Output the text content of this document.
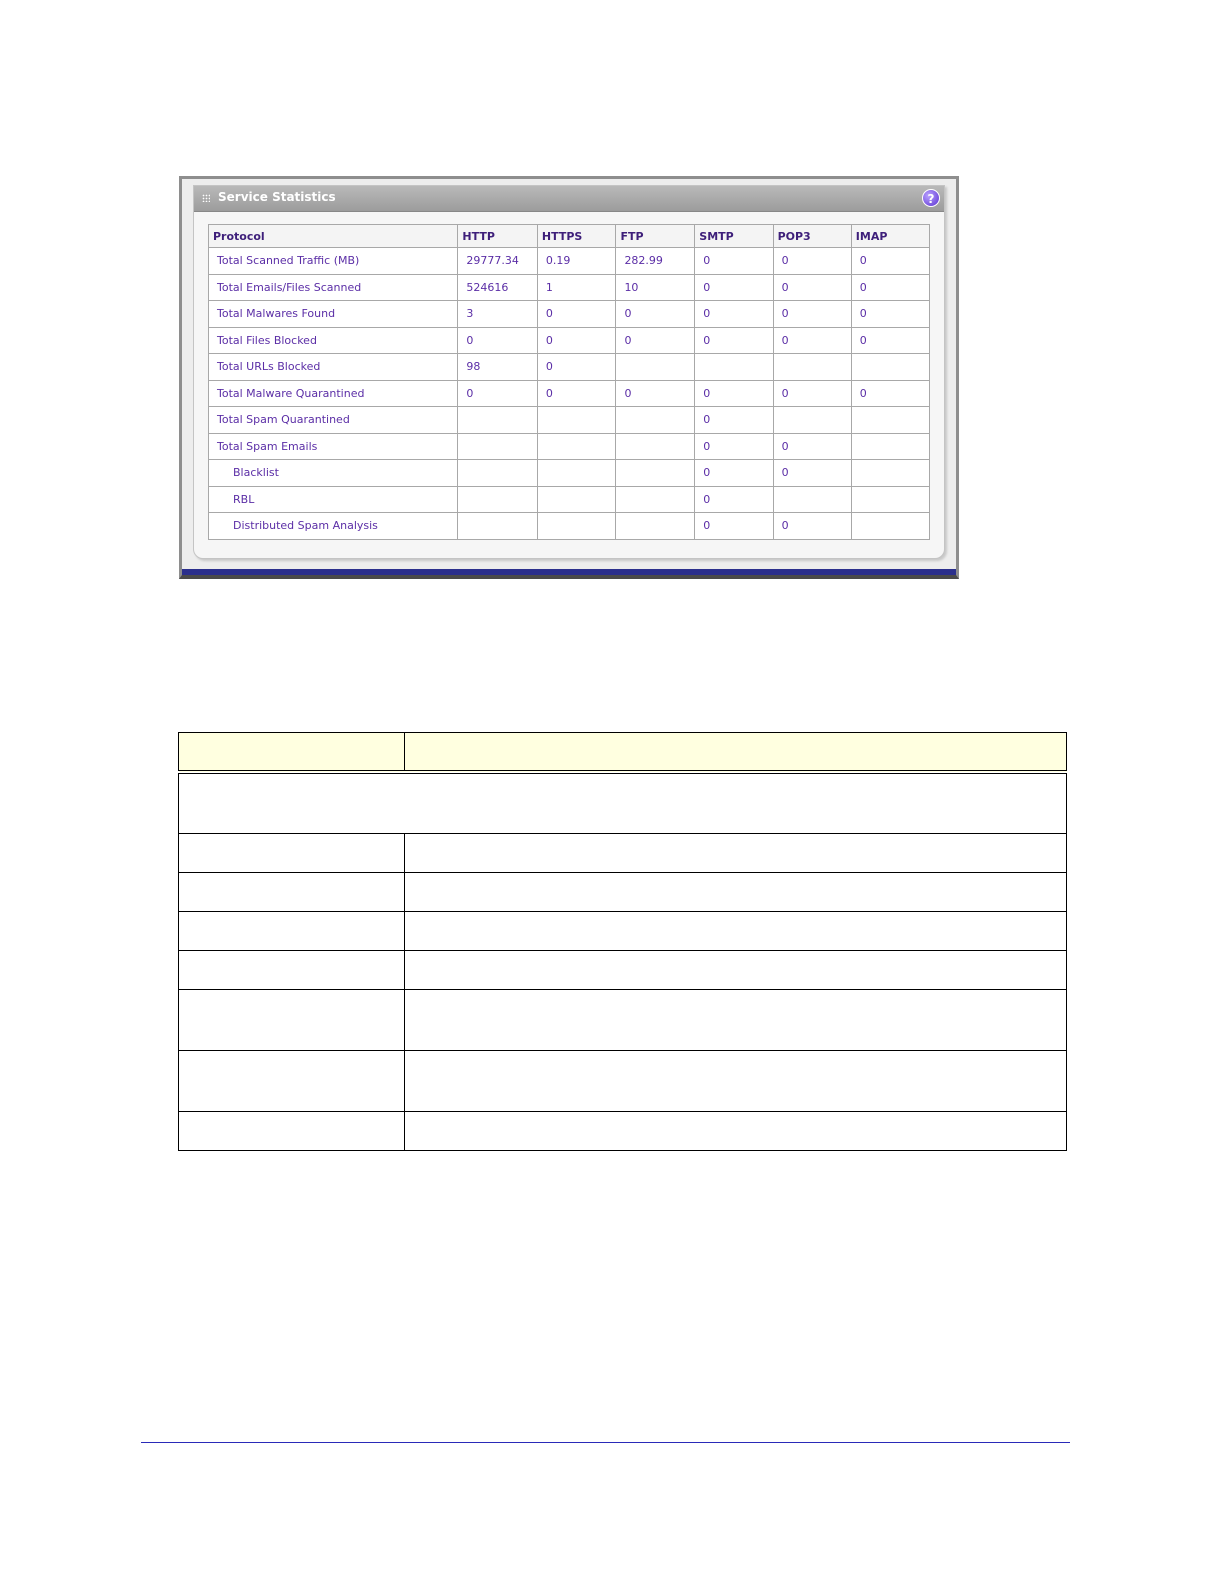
Service Statistics	?
Protocol	HTTP	HTTPS	FTP	SMTP	POP3	IMAP
Total Scanned Traffic (MB)	29777.34	0.19	282.99	0	0	0
Total Emails/Files Scanned	524616	1	10	0	0	0
Total Malwares Found	3	0	0	0	0	0
Total Files Blocked	0	0	0	0	0	0
Total URLs Blocked	98	0				
Total Malware Quarantined	0	0	0	0	0	0
Total Spam Quarantined				0		
Total Spam Emails				0	0	
Blacklist				0	0	
RBL				0		
Distributed Spam Analysis				0	0	
